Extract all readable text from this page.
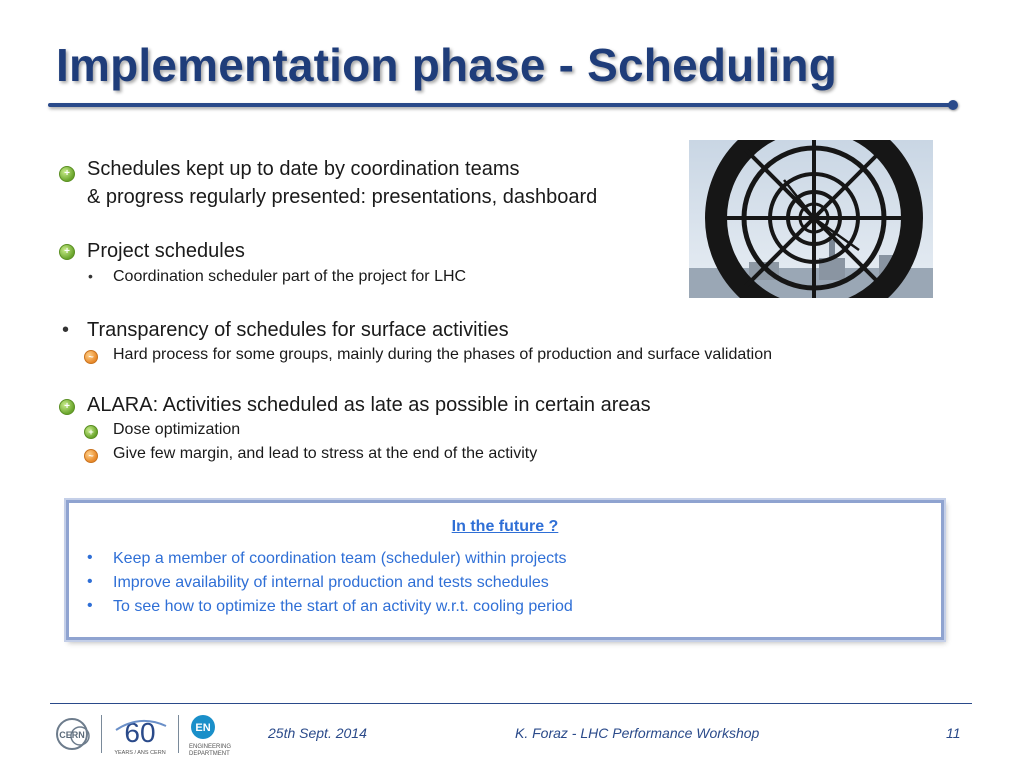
Implementation phase - Scheduling
+ Schedules kept up to date by coordination teams
& progress regularly presented: presentations, dashboard
+ Project schedules
• Coordination scheduler part of the project for LHC
• Transparency of schedules for surface activities
~ Hard process for some groups, mainly during the phases of production and surface validation
+ ALARA: Activities scheduled as late as possible in certain areas
+ Dose optimization
~ Give few margin, and lead to stress at the end of the activity
In the future ?
• Keep a member of coordination team (scheduler) within projects
• Improve availability of internal production and tests schedules
• To see how to optimize the start of an activity w.r.t. cooling period
CERN 60
YEARS / ANS CERN
EN
ENGINEERING
DEPARTMENT
25th Sept. 2014	K. Foraz - LHC Performance Workshop	11
